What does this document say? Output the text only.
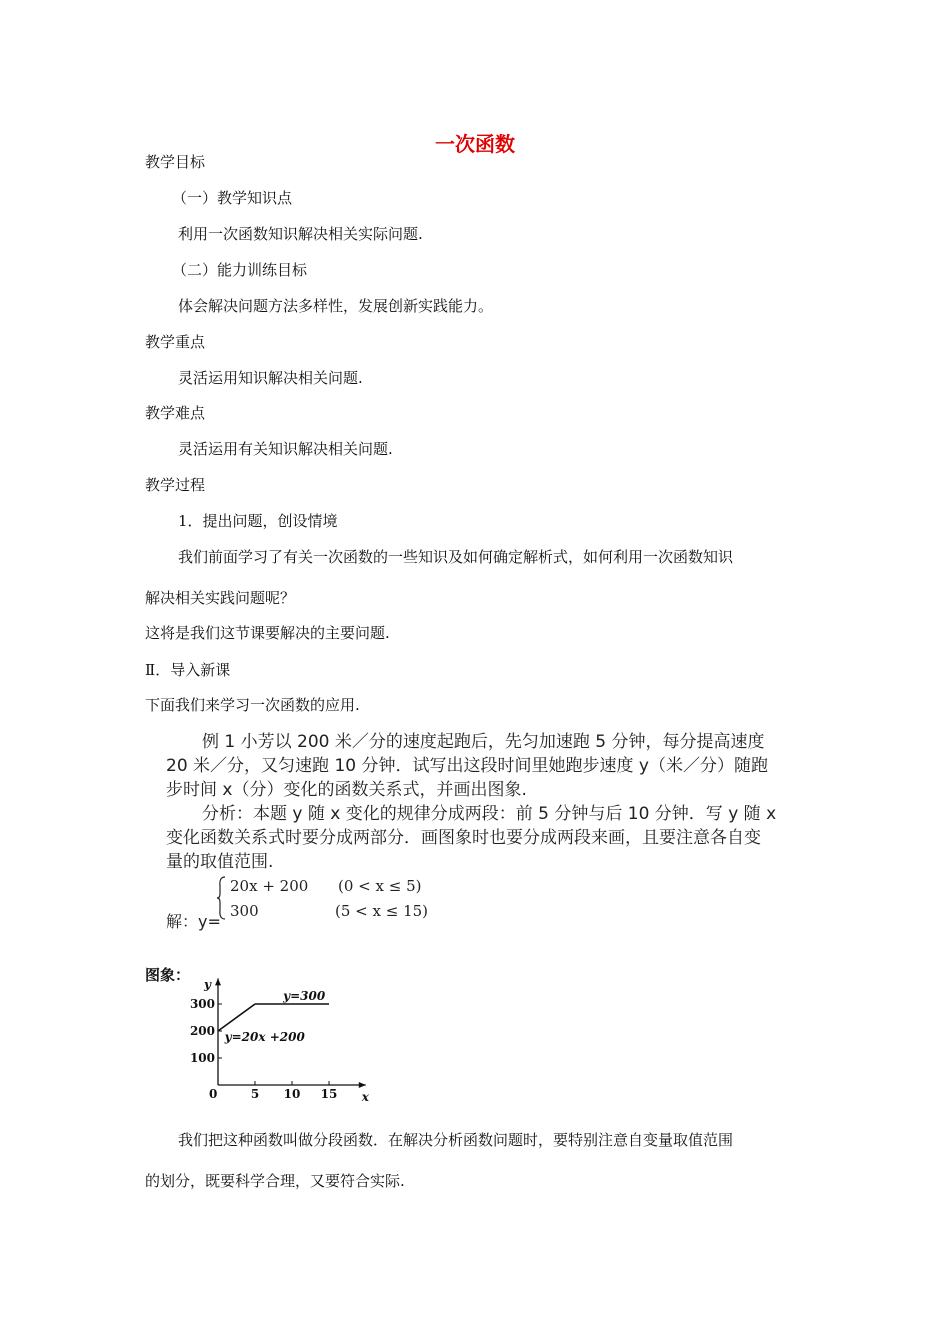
一次函数
教学目标
（一）教学知识点
利用一次函数知识解决相关实际问题.
（二）能力训练目标
体会解决问题方法多样性，发展创新实践能力。
教学重点
灵活运用知识解决相关问题.
教学难点
灵活运用有关知识解决相关问题.
教学过程
1．提出问题，创设情境
我们前面学习了有关一次函数的一些知识及如何确定解析式，如何利用一次函数知识
解决相关实践问题呢？
这将是我们这节课要解决的主要问题.
Ⅱ．导入新课
下面我们来学习一次函数的应用.
例 1 小芳以 200 米／分的速度起跑后，先匀加速跑 5 分钟，每分提高速度
20 米／分，又匀速跑 10 分钟．试写出这段时间里她跑步速度 y（米／分）随跑
步时间 x（分）变化的函数关系式，并画出图象.
分析：本题 y 随 x 变化的规律分成两段：前 5 分钟与后 10 分钟．写 y 随 x
变化函数关系式时要分成两部分．画图象时也要分成两段来画，且要注意各自变
量的取值范围.
解：y=
20x + 200 (0 < x ≤ 5)
300	(5 < x ≤ 15)
x
y
0
图象：
5 10 15
100
200
300
y=20x +200
y=300
我们把这种函数叫做分段函数．在解决分析函数问题时，要特别注意自变量取值范围
的划分，既要科学合理，又要符合实际.
